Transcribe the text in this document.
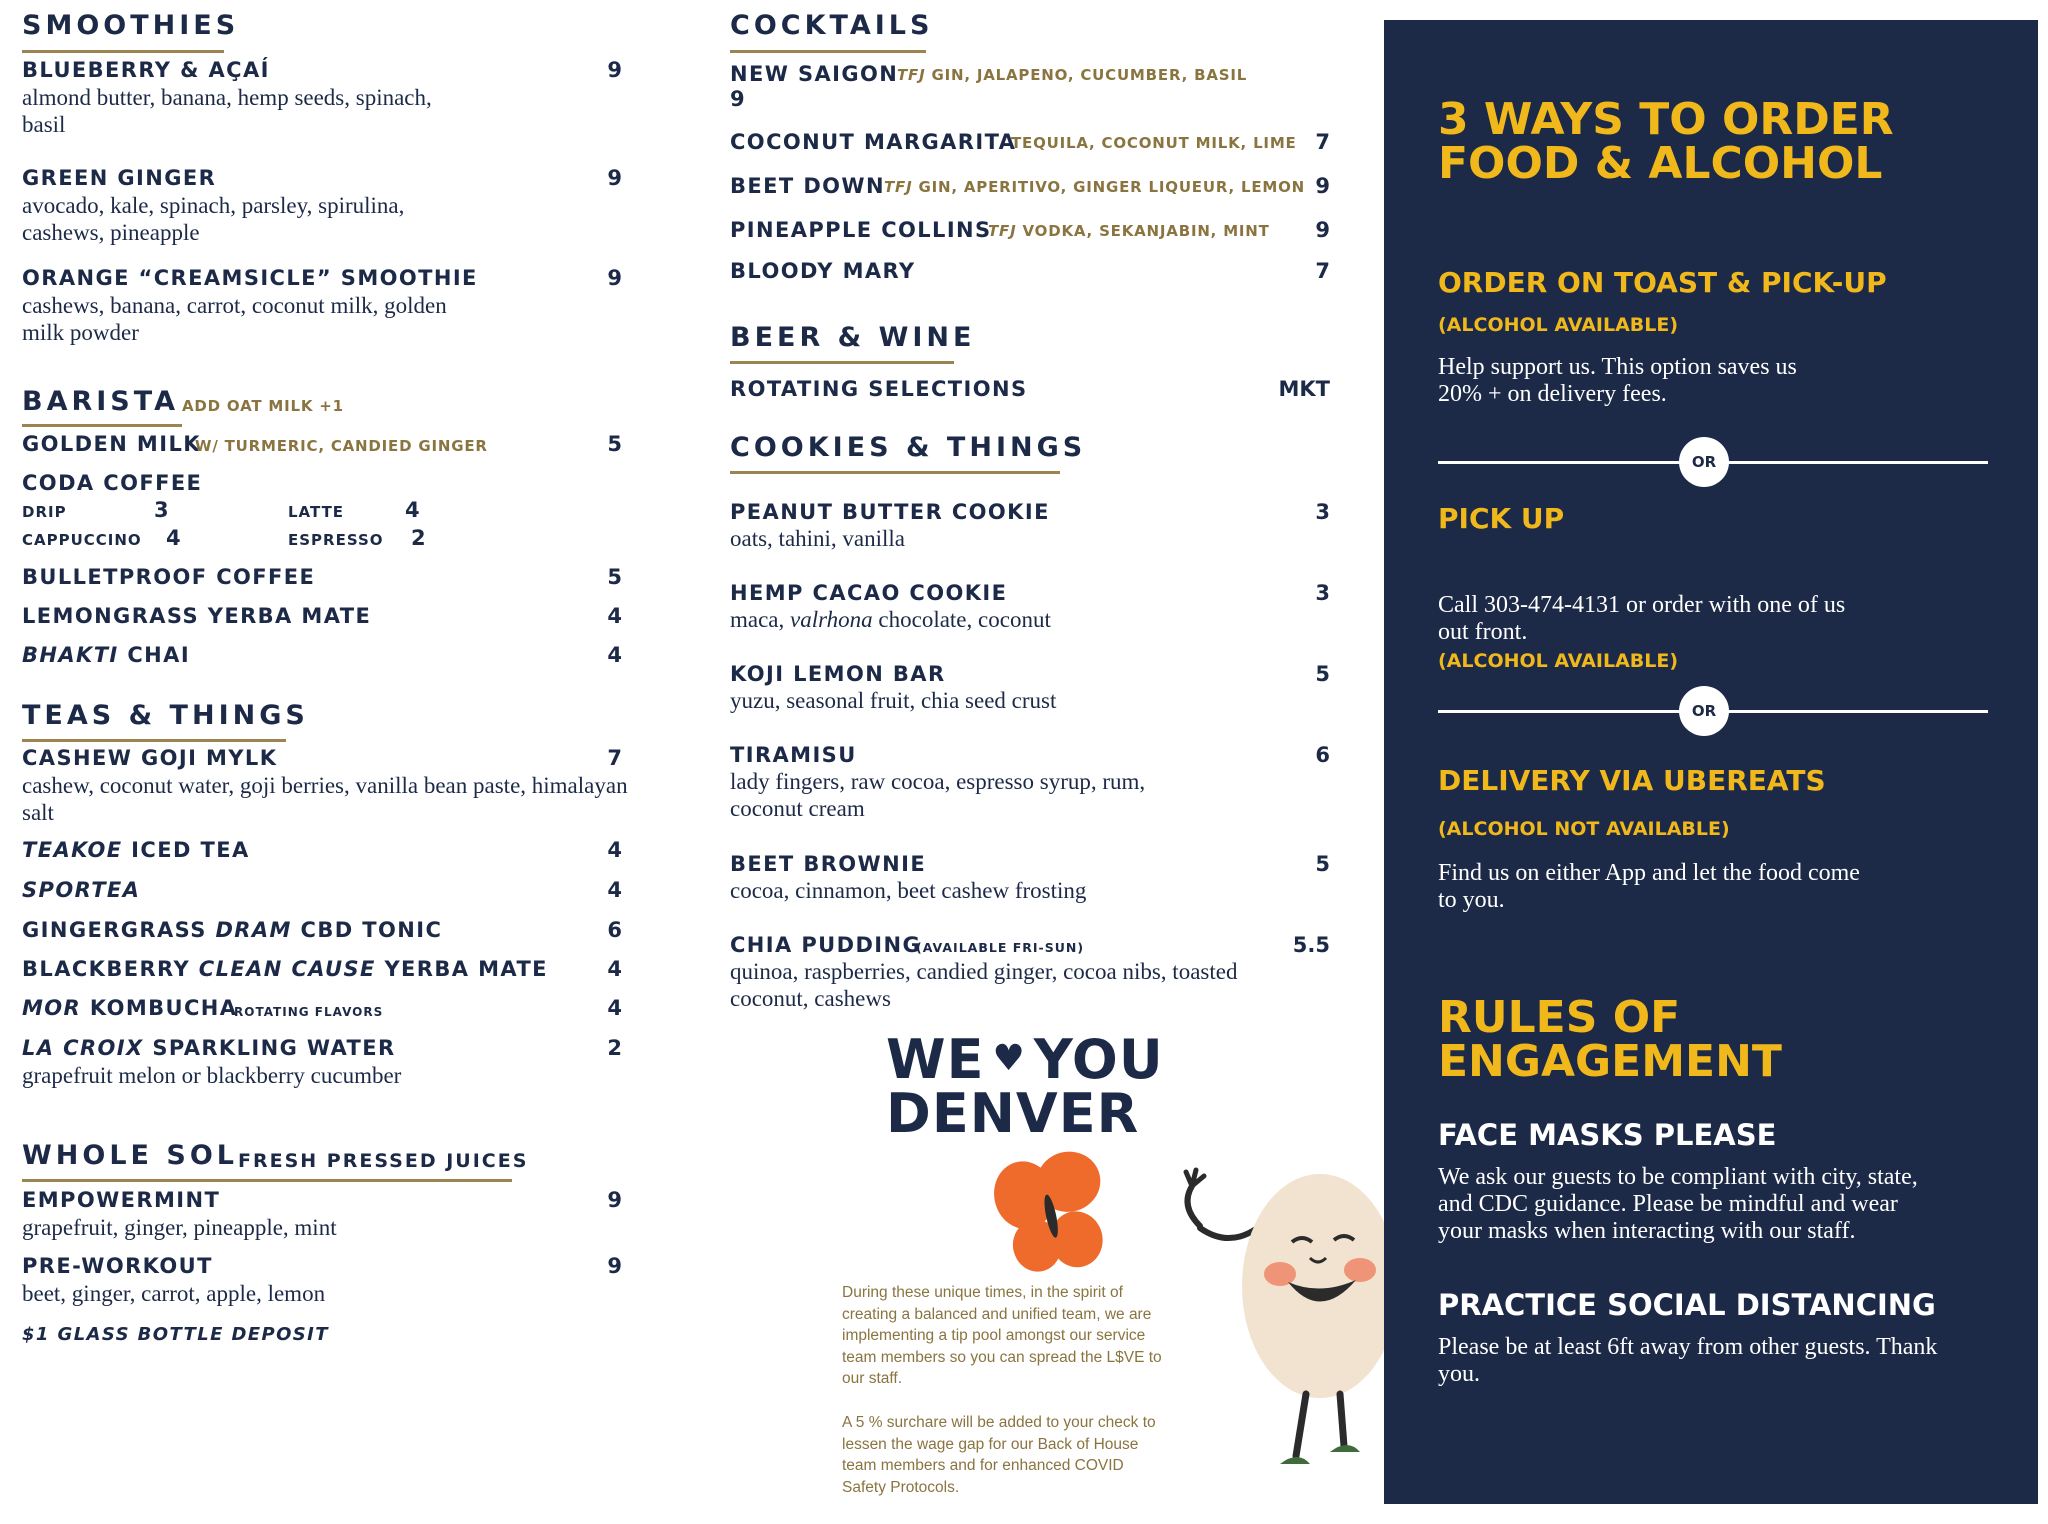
SMOOTHIES
BLUEBERRY & AÇAÍ	9
almond butter, banana, hemp seeds, spinach, basil
GREEN GINGER	9
avocado, kale, spinach, parsley, spirulina, cashews, pineapple
ORANGE “CREAMSICLE” SMOOTHIE	9
cashews, banana, carrot, coconut milk, golden milk powder
BARISTA ADD OAT MILK +1
GOLDEN MILK
W/ TURMERIC, CANDIED GINGER	5
CODA COFFEE
DRIP	3	LATTE	4
CAPPUCCINO 4	ESPRESSO 2
BULLETPROOF COFFEE	5
LEMONGRASS YERBA MATE	4
BHAKTI CHAI	4
TEAS & THINGS
CASHEW GOJI MYLK	7
cashew, coconut water, goji berries, vanilla bean paste, himalayan salt
TEAKOE ICED TEA	4
SPORTEA	4
GINGERGRASS DRAM CBD TONIC	6
BLACKBERRY CLEAN CAUSE YERBA MATE	4
MOR KOMBUCHA
ROTATING FLAVORS	4
LA CROIX SPARKLING WATER	2
grapefruit melon or blackberry cucumber
WHOLE SOL FRESH PRESSED JUICES
EMPOWERMINT	9
grapefruit, ginger, pineapple, mint
PRE-WORKOUT	9
beet, ginger, carrot, apple, lemon
$1 GLASS BOTTLE DEPOSIT
COCKTAILS
NEW SAIGON
TFJ GIN, JALAPENO, CUCUMBER, BASIL
9
COCONUT MARGARITA
TEQUILA, COCONUT MILK, LIME 7
BEET DOWN TFJ GIN, APERITIVO, GINGER LIQUEUR, LEMON 9
PINEAPPLE COLLINS
TFJ VODKA, SEKANJABIN, MINT	9
BLOODY MARY	7
BEER & WINE
ROTATING SELECTIONS	MKT
COOKIES & THINGS
PEANUT BUTTER COOKIE	3
oats, tahini, vanilla
HEMP CACAO COOKIE	3
maca, valrhona chocolate, coconut
KOJI LEMON BAR	5
yuzu, seasonal fruit, chia seed crust
TIRAMISU	6
lady fingers, raw cocoa, espresso syrup, rum, coconut cream
BEET BROWNIE	5
cocoa, cinnamon, beet cashew frosting
CHIA PUDDING
(AVAILABLE FRI-SUN)	5.5
quinoa, raspberries, candied ginger, cocoa nibs, toasted coconut, cashews
WE ♥ YOU
DENVER
During these unique times, in the spirit of creating a balanced and unified team, we are implementing a tip pool amongst our service team members so you can spread the L$VE to our staff.
A 5 % surchare will be added to your check to lessen the wage gap for our Back of House team members and for enhanced COVID Safety Protocols.
3 WAYS TO ORDER FOOD & ALCOHOL
ORDER ON TOAST & PICK-UP
(ALCOHOL AVAILABLE)
Help support us. This option saves us 20% + on delivery fees.
OR
PICK UP
Call 303-474-4131 or order with one of us out front.
(ALCOHOL AVAILABLE)
OR
DELIVERY VIA UBEREATS
(ALCOHOL NOT AVAILABLE)
Find us on either App and let the food come to you.
RULES OF ENGAGEMENT
FACE MASKS PLEASE
We ask our guests to be compliant with city, state, and CDC guidance. Please be mindful and wear your masks when interacting with our staff.
PRACTICE SOCIAL DISTANCING
Please be at least 6ft away from other guests. Thank you.
